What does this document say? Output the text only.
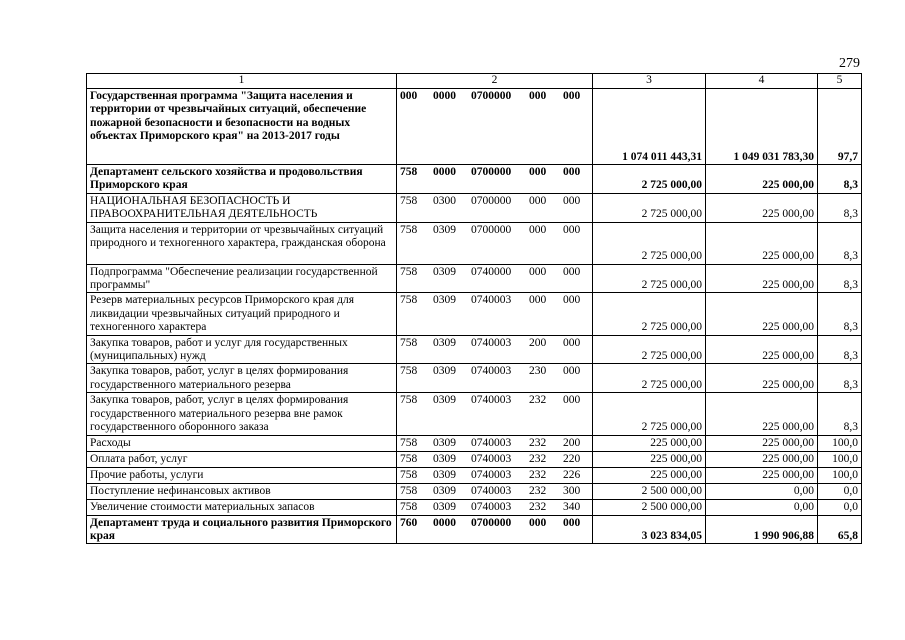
279
1	2	3	4	5
Государственная программа "Защита населения и территории от чрезвычайных ситуаций, обеспечение пожарной безопасности и безопасности на водных объектах Приморского края" на 2013-2017 годы	000 0000 0700000 000 000	1 074 011 443,31	1 049 031 783,30	97,7
Департамент сельского хозяйства и продовольствия Приморского края	758 0000 0700000 000 000	2 725 000,00	225 000,00	8,3
НАЦИОНАЛЬНАЯ БЕЗОПАСНОСТЬ И ПРАВООХРАНИТЕЛЬНАЯ ДЕЯТЕЛЬНОСТЬ	758 0300 0700000 000 000	2 725 000,00	225 000,00	8,3
Защита населения и территории от чрезвычайных ситуаций природного и техногенного характера, гражданская оборона	758 0309 0700000 000 000	2 725 000,00	225 000,00	8,3
Подпрограмма "Обеспечение реализации государственной программы"	758 0309 0740000 000 000	2 725 000,00	225 000,00	8,3
Резерв материальных ресурсов Приморского края для ликвидации чрезвычайных ситуаций природного и техногенного характера	758 0309 0740003 000 000	2 725 000,00	225 000,00	8,3
Закупка товаров, работ и услуг для государственных (муниципальных) нужд	758 0309 0740003 200 000	2 725 000,00	225 000,00	8,3
Закупка товаров, работ, услуг в целях формирования государственного материального резерва	758 0309 0740003 230 000	2 725 000,00	225 000,00	8,3
Закупка товаров, работ, услуг в целях формирования государственного материального резерва вне рамок государственного оборонного заказа	758 0309 0740003 232 000	2 725 000,00	225 000,00	8,3
Расходы	758 0309 0740003 232 200	225 000,00	225 000,00	100,0
Оплата работ, услуг	758 0309 0740003 232 220	225 000,00	225 000,00	100,0
Прочие работы, услуги	758 0309 0740003 232 226	225 000,00	225 000,00	100,0
Поступление нефинансовых активов	758 0309 0740003 232 300	2 500 000,00	0,00	0,0
Увеличение стоимости материальных запасов	758 0309 0740003 232 340	2 500 000,00	0,00	0,0
Департамент труда и социального развития Приморского края	760 0000 0700000 000 000	3 023 834,05	1 990 906,88	65,8
